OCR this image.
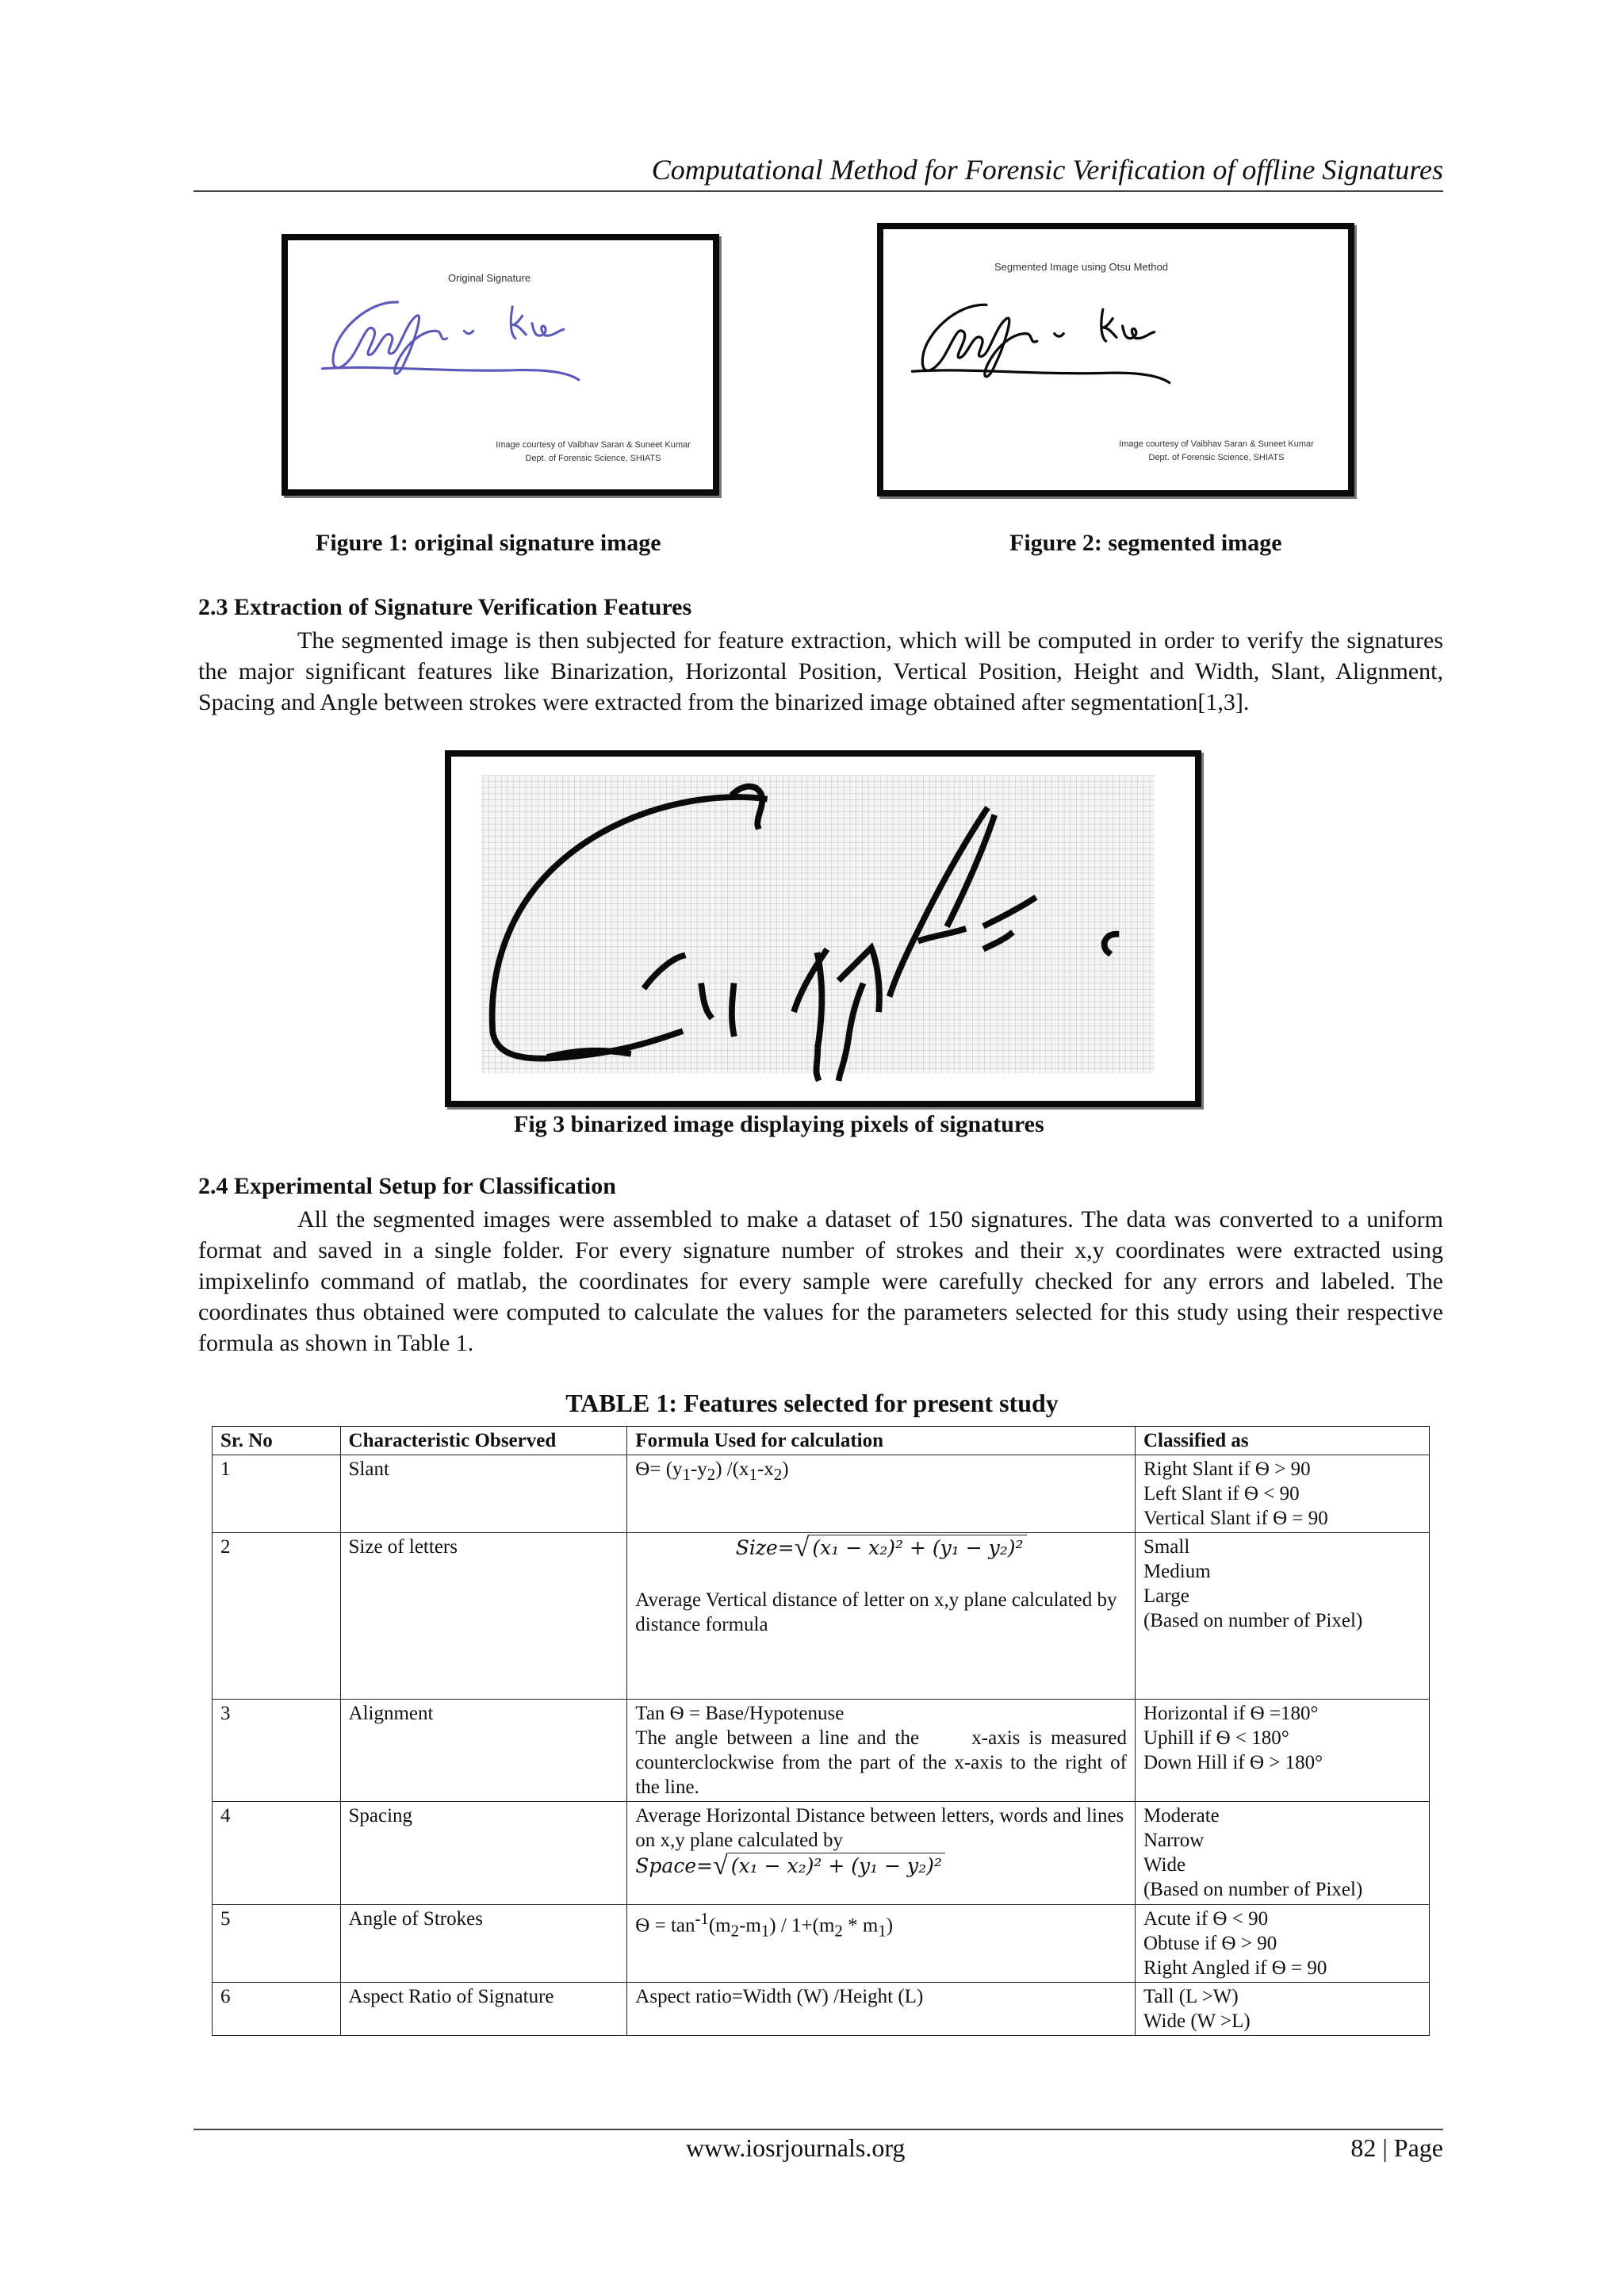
Computational Method for Forensic Verification of offline Signatures
Original Signature
Image courtesy of Vaibhav Saran & Suneet Kumar
Dept. of Forensic Science, SHIATS
Segmented Image using Otsu Method
Image courtesy of Vaibhav Saran & Suneet Kumar
Dept. of Forensic Science, SHIATS
Figure 1: original signature image	Figure 2: segmented image
2.3 Extraction of Signature Verification Features

The segmented image is then subjected for feature extraction, which will be computed in order to verify the signatures the major significant features like Binarization, Horizontal Position, Vertical Position, Height and Width, Slant, Alignment, Spacing and Angle between strokes were extracted from the binarized image obtained after segmentation[1,3].

Fig 3 binarized image displaying pixels of signatures
2.4 Experimental Setup for Classification

All the segmented images were assembled to make a dataset of 150 signatures. The data was converted to a uniform format and saved in a single folder. For every signature number of strokes and their x,y coordinates were extracted using impixelinfo command of matlab, the coordinates for every sample were carefully checked for any errors and labeled. The coordinates thus obtained were computed to calculate the values for the parameters selected for this study using their respective formula as shown in Table 1.

TABLE 1: Features selected for present study
Sr. No	Characteristic Observed	Formula Used for calculation	Classified as
1	Slant	$Ѳ= (y_1-y_2)$ $/(x_1-x_2)$	Right Slant if Ѳ > 90
Left Slant if Ѳ < 90
Vertical Slant if Ѳ = 90

2	Size of letters	Size=√ (x₁ − x₂)² + (y₁ − y₂)²
Average Vertical distance of letter on x,y plane calculated by distance formula	Small
Medium
Large
(Based on number of Pixel)

3	Alignment	Tan Ѳ = Base/Hypotenuse
The angle between a line and the      x-axis is measured counterclockwise from the part of the x-axis to the right of the line.	Horizontal if Ѳ =180°
Uphill if Ѳ < 180°
Down Hill if Ѳ > 180°

4	Spacing	Average Horizontal Distance between letters, words and lines on x,y plane calculated by
Space=√ (x₁ − x₂)² + (y₁ − y₂)²	Moderate
Narrow
Wide
(Based on number of Pixel)

5	Angle of Strokes	$Ѳ = \tan^{-1}(m_2-m_1) / 1+(m_2 * m_1)$	Acute if Ѳ < 90
Obtuse if Ѳ > 90
Right Angled if Ѳ = 90

6	Aspect Ratio of Signature	Aspect ratio=Width (W) /Height (L)	Tall (L >W)
Wide (W >L)
www.iosrjournals.org	82 | Page
